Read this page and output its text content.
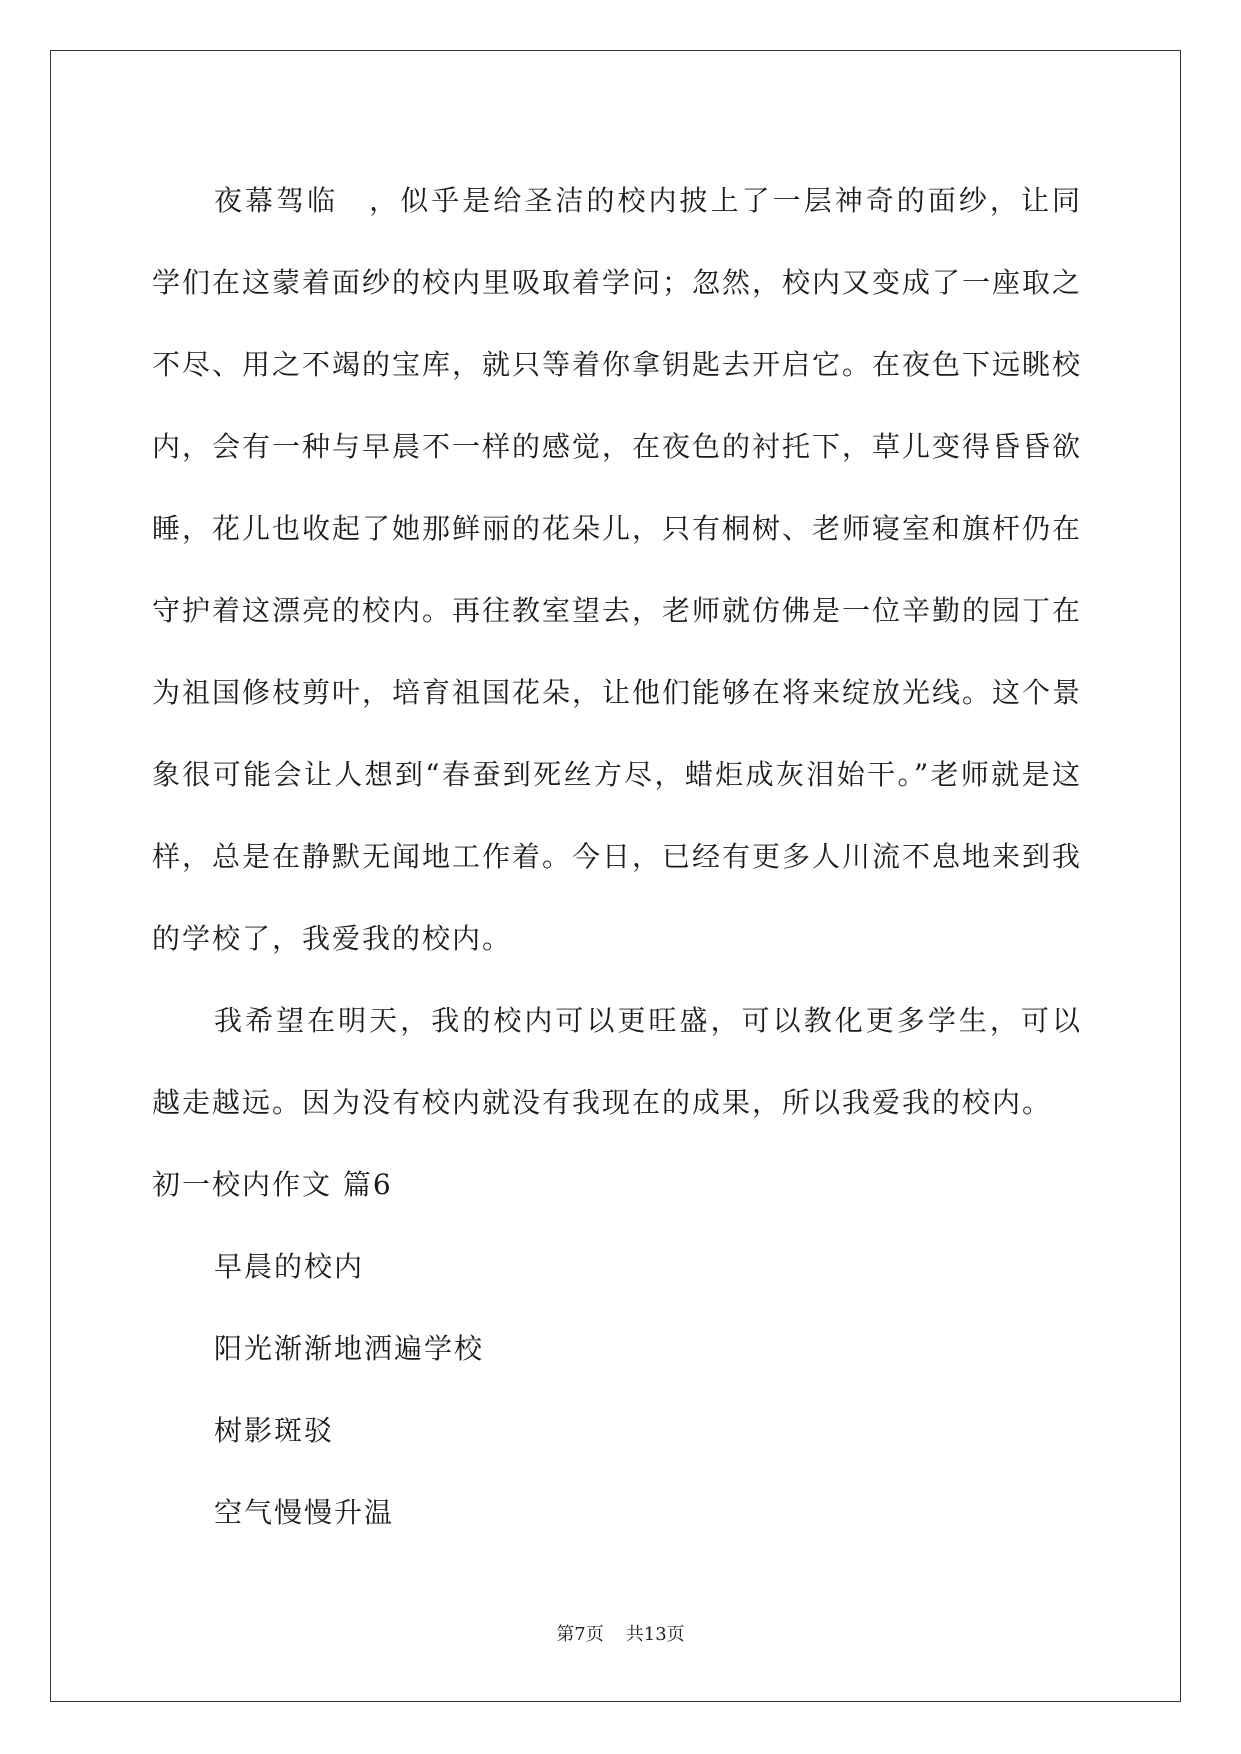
夜幕驾临　，似乎是给圣洁的校内披上了一层神奇的面纱，让同学们在这蒙着面纱的校内里吸取着学问；忽然，校内又变成了一座取之不尽、用之不竭的宝库，就只等着你拿钥匙去开启它。在夜色下远眺校内，会有一种与早晨不一样的感觉，在夜色的衬托下，草儿变得昏昏欲睡，花儿也收起了她那鲜丽的花朵儿，只有桐树、老师寝室和旗杆仍在守护着这漂亮的校内。再往教室望去，老师就仿佛是一位辛勤的园丁在为祖国修枝剪叶，培育祖国花朵，让他们能够在将来绽放光线。这个景象很可能会让人想到“春蚕到死丝方尽，蜡炬成灰泪始干。”老师就是这样，总是在静默无闻地工作着。今日，已经有更多人川流不息地来到我的学校了，我爱我的校内。

我希望在明天，我的校内可以更旺盛，可以教化更多学生，可以越走越远。因为没有校内就没有我现在的成果，所以我爱我的校内。

初一校内作文 篇6

早晨的校内

阳光渐渐地洒遍学校

树影斑驳

空气慢慢升温

第7页 共13页
